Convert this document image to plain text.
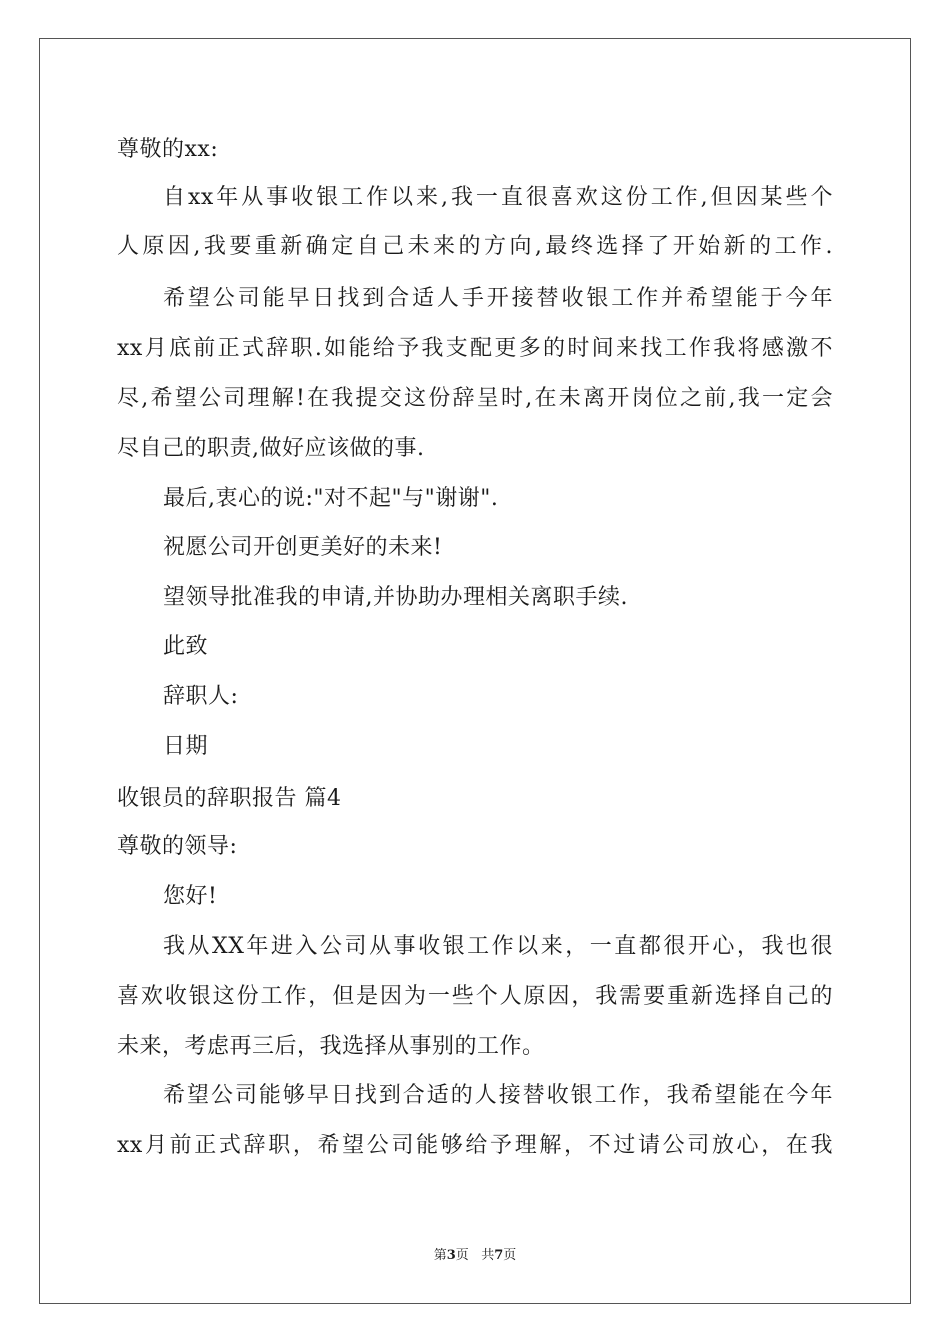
尊敬的xx:
自xx年从事收银工作以来,我一直很喜欢这份工作,但因某些个
人原因,我要重新确定自己未来的方向,最终选择了开始新的工作.
希望公司能早日找到合适人手开接替收银工作并希望能于今年
xx月底前正式辞职.如能给予我支配更多的时间来找工作我将感激不
尽,希望公司理解!在我提交这份辞呈时,在未离开岗位之前,我一定会
尽自己的职责,做好应该做的事.
最后,衷心的说:"对不起"与"谢谢".
祝愿公司开创更美好的未来!
望领导批准我的申请,并协助办理相关离职手续.
此致
辞职人:
日期
收银员的辞职报告 篇4
尊敬的领导:
您好!
我从XX年进入公司从事收银工作以来，一直都很开心，我也很
喜欢收银这份工作，但是因为一些个人原因，我需要重新选择自己的
未来，考虑再三后，我选择从事别的工作。
希望公司能够早日找到合适的人接替收银工作，我希望能在今年
xx月前正式辞职，希望公司能够给予理解，不过请公司放心，在我
第3页 共7页
